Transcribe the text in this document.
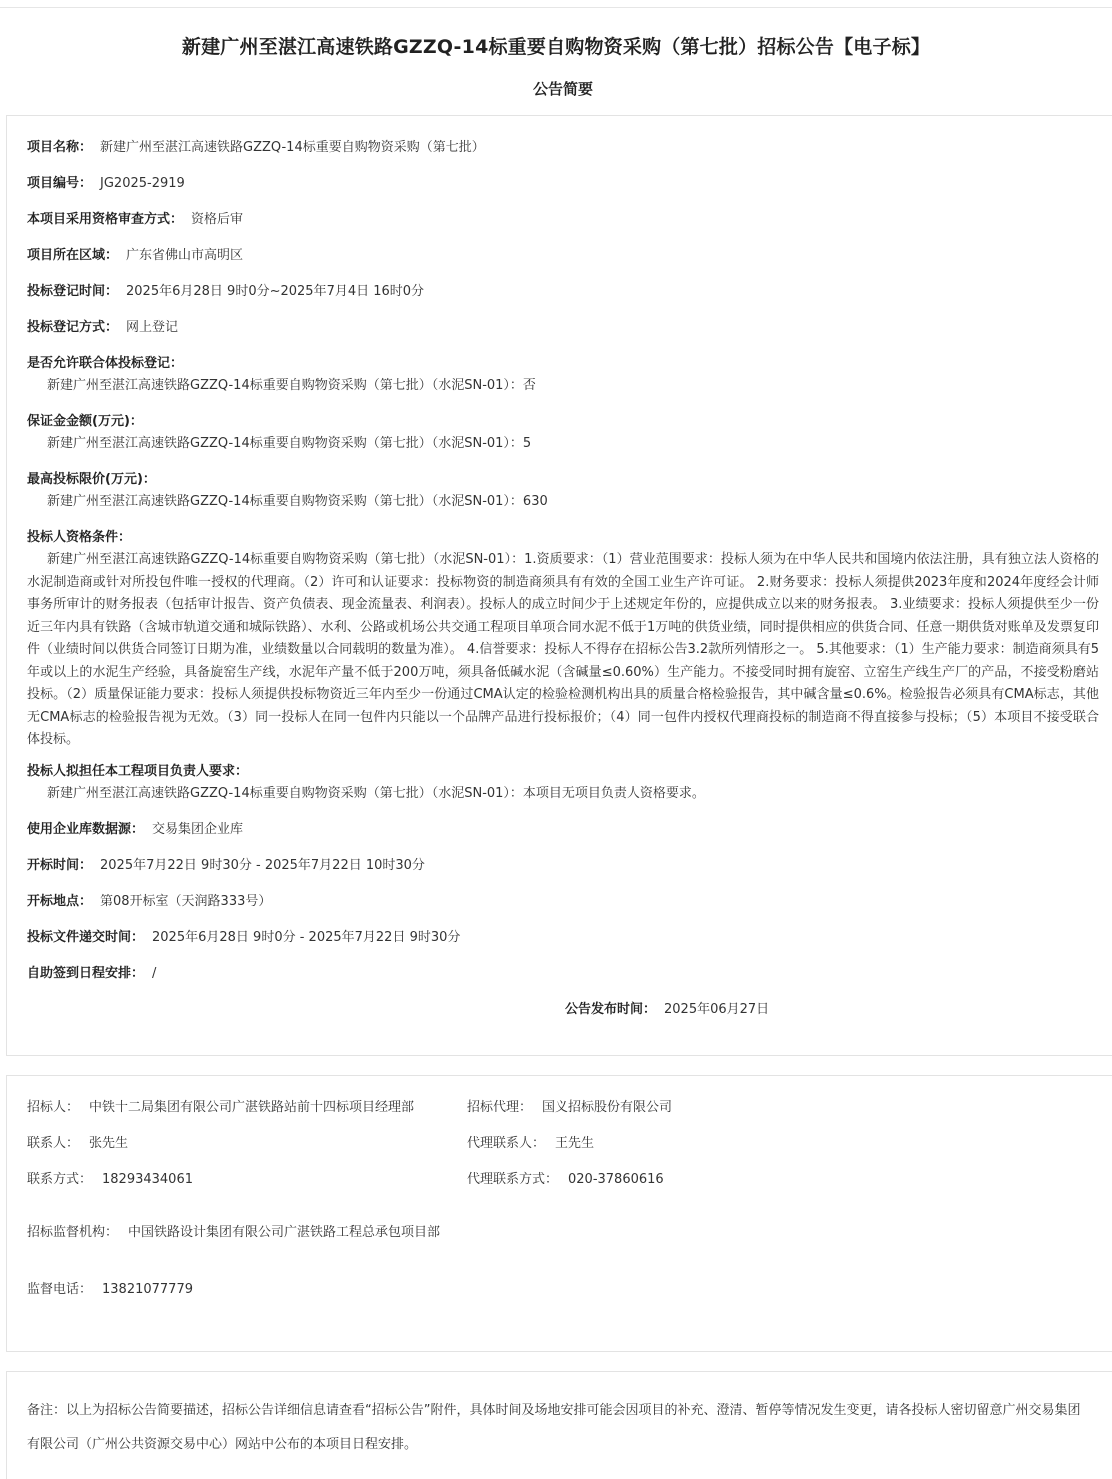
新建广州至湛江高速铁路GZZQ-14标重要自购物资采购（第七批）招标公告【电子标】
公告简要
项目名称： 新建广州至湛江高速铁路GZZQ-14标重要自购物资采购（第七批）
项目编号： JG2025-2919
本项目采用资格审查方式： 资格后审
项目所在区域： 广东省佛山市高明区
投标登记时间： 2025年6月28日 9时0分~2025年7月4日 16时0分
投标登记方式： 网上登记
是否允许联合体投标登记：
新建广州至湛江高速铁路GZZQ-14标重要自购物资采购（第七批）（水泥SN-01）：否
保证金金额(万元)：
新建广州至湛江高速铁路GZZQ-14标重要自购物资采购（第七批）（水泥SN-01）：5
最高投标限价(万元)：
新建广州至湛江高速铁路GZZQ-14标重要自购物资采购（第七批）（水泥SN-01）：630
投标人资格条件：
新建广州至湛江高速铁路GZZQ-14标重要自购物资采购（第七批）（水泥SN-01）：1.资质要求：（1）营业范围要求：投标人须为在中华人民共和国境内依法注册，具有独立法人资格的水泥制造商或针对所投包件唯一授权的代理商。（2）许可和认证要求：投标物资的制造商须具有有效的全国工业生产许可证。 2.财务要求：投标人须提供2023年度和2024年度经会计师事务所审计的财务报表（包括审计报告、资产负债表、现金流量表、利润表）。投标人的成立时间少于上述规定年份的，应提供成立以来的财务报表。 3.业绩要求：投标人须提供至少一份近三年内具有铁路（含城市轨道交通和城际铁路）、水利、公路或机场公共交通工程项目单项合同水泥不低于1万吨的供货业绩，同时提供相应的供货合同、任意一期供货对账单及发票复印件（业绩时间以供货合同签订日期为准，业绩数量以合同载明的数量为准）。 4.信誉要求：投标人不得存在招标公告3.2款所列情形之一。 5.其他要求：（1）生产能力要求：制造商须具有5年或以上的水泥生产经验，具备旋窑生产线，水泥年产量不低于200万吨，须具备低碱水泥（含碱量≤0.60%）生产能力。不接受同时拥有旋窑、立窑生产线生产厂的产品，不接受粉磨站投标。（2）质量保证能力要求：投标人须提供投标物资近三年内至少一份通过CMA认定的检验检测机构出具的质量合格检验报告，其中碱含量≤0.6%。检验报告必须具有CMA标志，其他无CMA标志的检验报告视为无效。（3）同一投标人在同一包件内只能以一个品牌产品进行投标报价；（4）同一包件内授权代理商投标的制造商不得直接参与投标；（5）本项目不接受联合体投标。
投标人拟担任本工程项目负责人要求：
新建广州至湛江高速铁路GZZQ-14标重要自购物资采购（第七批）（水泥SN-01）：本项目无项目负责人资格要求。
使用企业库数据源： 交易集团企业库
开标时间： 2025年7月22日 9时30分 - 2025年7月22日 10时30分
开标地点： 第08开标室（天润路333号）
投标文件递交时间： 2025年6月28日 9时0分 - 2025年7月22日 9时30分
自助签到日程安排： /
公告发布时间： 2025年06月27日
招标人： 中铁十二局集团有限公司广湛铁路站前十四标项目经理部	招标代理： 国义招标股份有限公司
联系人： 张先生	代理联系人： 王先生
联系方式： 18293434061	代理联系方式： 020-37860616
招标监督机构： 中国铁路设计集团有限公司广湛铁路工程总承包项目部
监督电话： 13821077779
备注：以上为招标公告简要描述，招标公告详细信息请查看“招标公告”附件，具体时间及场地安排可能会因项目的补充、澄清、暂停等情况发生变更，请各投标人密切留意广州交易集团有限公司（广州公共资源交易中心）网站中公布的本项目日程安排。
